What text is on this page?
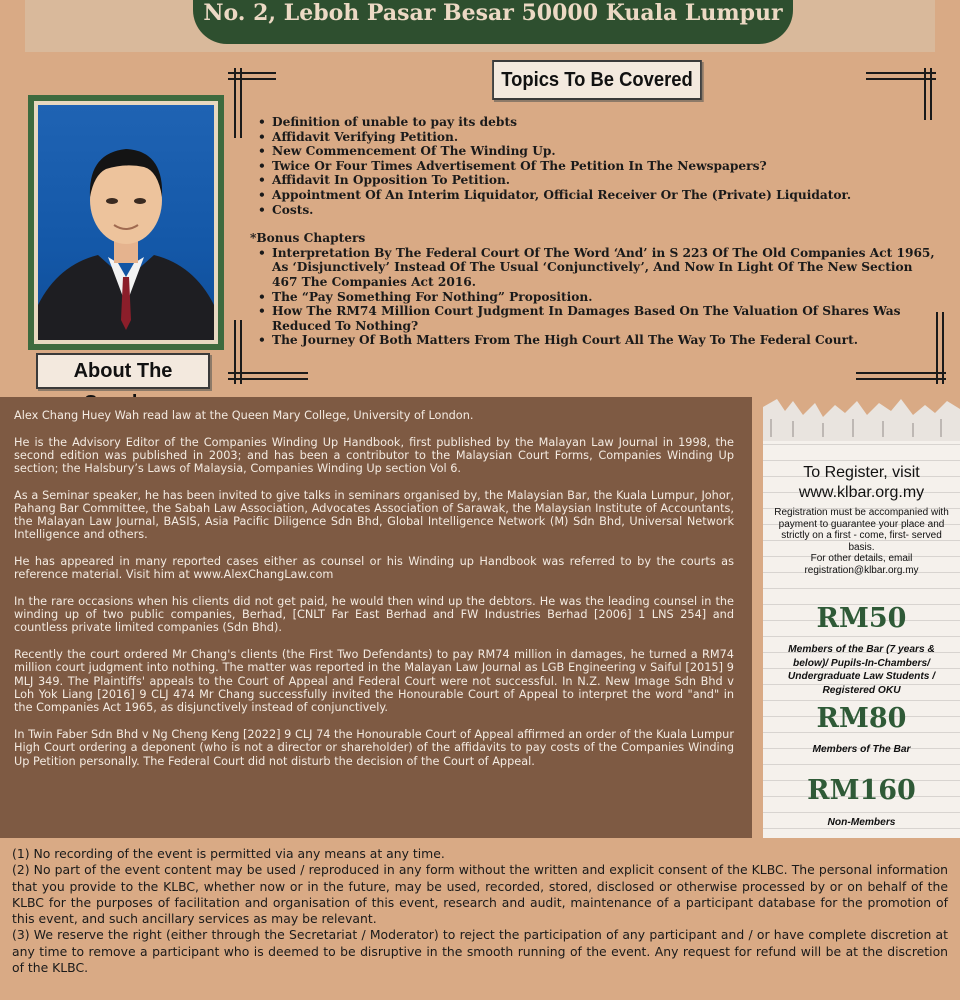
No. 2, Leboh Pasar Besar 50000 Kuala Lumpur
Topics To Be Covered
About The
• Definition of unable to pay its debts
• Affidavit Verifying Petition.
• New Commencement Of The Winding Up.
• Twice Or Four Times Advertisement Of The Petition In The Newspapers?
• Affidavit In Opposition To Petition.
• Appointment Of An Interim Liquidator, Official Receiver Or The (Private) Liquidator.
• Costs.
*Bonus Chapters
• Interpretation By The Federal Court Of The Word ‘And’ in S 223 Of The Old Companies Act 1965, As ‘Disjunctively’ Instead Of The Usual ‘Conjunctively’, And Now In Light Of The New Section 467 The Companies Act 2016.
• The “Pay Something For Nothing” Proposition.
• How The RM74 Million Court Judgment In Damages Based On The Valuation Of Shares Was Reduced To Nothing?
• The Journey Of Both Matters From The High Court All The Way To The Federal Court.

Alex Chang Huey Wah read law at the Queen Mary College, University of London.

He is the Advisory Editor of the Companies Winding Up Handbook, first published by the Malayan Law Journal in 1998, the second edition was published in 2003; and has been a contributor to the Malaysian Court Forms, Companies Winding Up section; the Halsbury’s Laws of Malaysia, Companies Winding Up section Vol 6.

As a Seminar speaker, he has been invited to give talks in seminars organised by, the Malaysian Bar, the Kuala Lumpur, Johor, Pahang Bar Committee, the Sabah Law Association, Advocates Association of Sarawak, the Malaysian Institute of Accountants, the Malayan Law Journal, BASIS, Asia Pacific Diligence Sdn Bhd, Global Intelligence Network (M) Sdn Bhd, Universal Network Intelligence and others.

He has appeared in many reported cases either as counsel or his Winding up Handbook was referred to by the courts as reference material. Visit him at www.AlexChangLaw.com

In the rare occasions when his clients did not get paid, he would then wind up the debtors. He was the leading counsel in the winding up of two public companies, Berhad, [CNLT Far East Berhad and FW Industries Berhad [2006] 1 LNS 254] and countless private limited companies (Sdn Bhd).

Recently the court ordered Mr Chang's clients (the First Two Defendants) to pay RM74 million in damages, he turned a RM74 million court judgment into nothing. The matter was reported in the Malayan Law Journal as LGB Engineering v Saiful [2015] 9 MLJ 349. The Plaintiffs' appeals to the Court of Appeal and Federal Court were not successful. In N.Z. New Image Sdn Bhd v Loh Yok Liang [2016] 9 CLJ 474 Mr Chang successfully invited the Honourable Court of Appeal to interpret the word "and" in the Companies Act 1965, as disjunctively instead of conjunctively.

In Twin Faber Sdn Bhd v Ng Cheng Keng [2022] 9 CLJ 74 the Honourable Court of Appeal affirmed an order of the Kuala Lumpur High Court ordering a deponent (who is not a director or shareholder) of the affidavits to pay costs of the Companies Winding Up Petition personally. The Federal Court did not disturb the decision of the Court of Appeal.

To Register, visit
www.klbar.org.my
Registration must be accompanied with payment to guarantee your place and strictly on a first - come, first- served basis.
For other details, email
registration@klbar.org.my
RM50
Members of the Bar (7 years & below)/ Pupils-In-Chambers/ Undergraduate Law Students / Registered OKU
RM80
Members of The Bar
RM160
Non-Members
(1) No recording of the event is permitted via any means at any time.
(2) No part of the event content may be used / reproduced in any form without the written and explicit consent of the KLBC. The personal information that you provide to the KLBC, whether now or in the future, may be used, recorded, stored, disclosed or otherwise processed by or on behalf of the KLBC for the purposes of facilitation and organisation of this event, research and audit, maintenance of a participant database for the promotion of this event, and such ancillary services as may be relevant.
(3) We reserve the right (either through the Secretariat / Moderator) to reject the participation of any participant and / or have complete discretion at any time to remove a participant who is deemed to be disruptive in the smooth running of the event. Any request for refund will be at the discretion of the KLBC.
